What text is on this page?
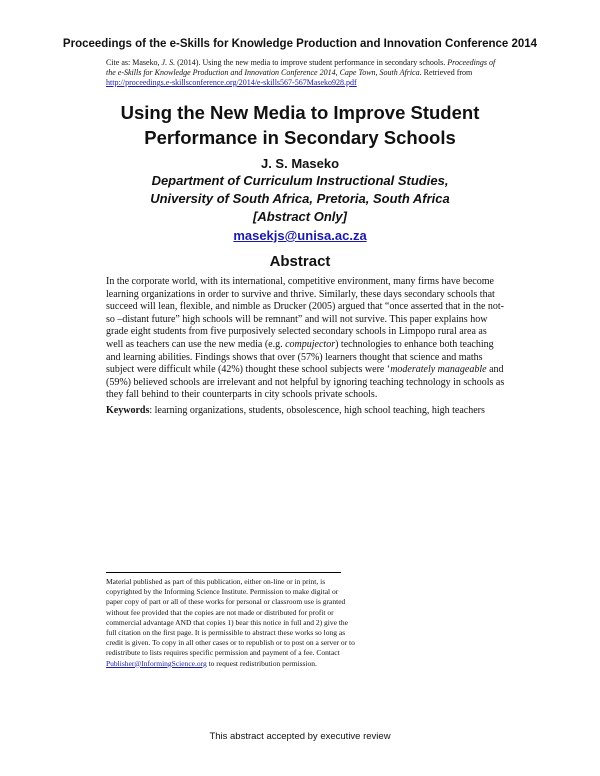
Proceedings of the e-Skills for Knowledge Production and Innovation Conference 2014
Cite as: Maseko, J. S. (2014). Using the new media to improve student performance in secondary schools. Proceedings of the e-Skills for Knowledge Production and Innovation Conference 2014, Cape Town, South Africa. Retrieved from http://proceedings.e-skillsconference.org/2014/e-skills567-567Maseko928.pdf
Using the New Media to Improve Student
Performance in Secondary Schools
J. S. Maseko
Department of Curriculum Instructional Studies,
University of South Africa, Pretoria, South Africa
[Abstract Only]
masekjs@unisa.ac.za
Abstract
In the corporate world, with its international, competitive environment, many firms have become learning organizations in order to survive and thrive. Similarly, these days secondary schools that succeed will lean, flexible, and nimble as Drucker (2005) argued that “once asserted that in the not-so –distant future” high schools will be remnant” and will not survive. This paper explains how grade eight students from five purposively selected secondary schools in Limpopo rural area as well as teachers can use the new media (e.g. compujector) technologies to enhance both teaching and learning abilities. Findings shows that over (57%) learners thought that science and maths subject were difficult while (42%) thought these school subjects were ‘moderately manageable and (59%) believed schools are irrelevant and not helpful by ignoring teaching technology in schools as they fall behind to their counterparts in city schools private schools.
Keywords: learning organizations, students, obsolescence, high school teaching, high teachers
Material published as part of this publication, either on-line or in print, is copyrighted by the Informing Science Institute. Permission to make digital or paper copy of part or all of these works for personal or classroom use is granted without fee provided that the copies are not made or distributed for profit or commercial advantage AND that copies 1) bear this notice in full and 2) give the full citation on the first page. It is permissible to abstract these works so long as credit is given. To copy in all other cases or to republish or to post on a server or to redistribute to lists requires specific permission and payment of a fee. Contact Publisher@InformingScience.org to request redistribution permission.
This abstract accepted by executive review
